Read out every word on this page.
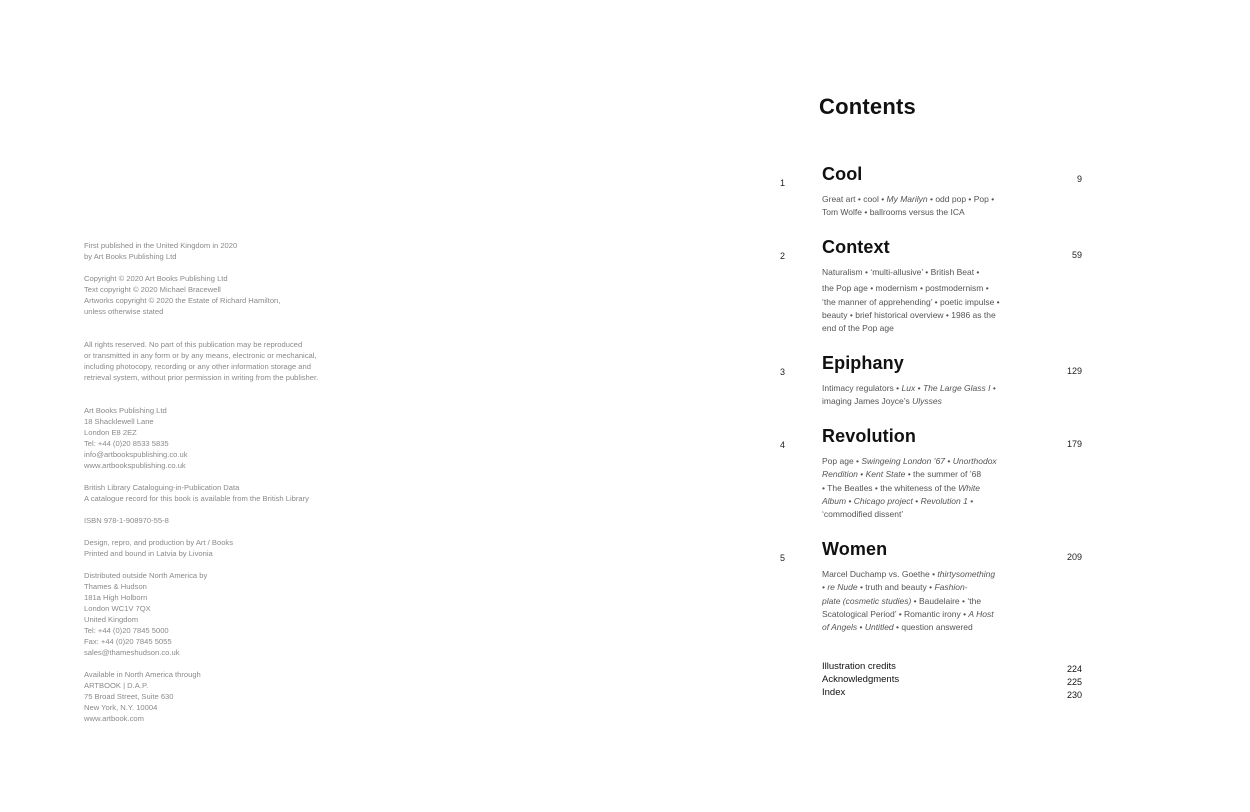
First published in the United Kingdom in 2020
by Art Books Publishing Ltd
Copyright © 2020 Art Books Publishing Ltd
Text copyright © 2020 Michael Bracewell
Artworks copyright © 2020 the Estate of Richard Hamilton,
unless otherwise stated
All rights reserved. No part of this publication may be reproduced
or transmitted in any form or by any means, electronic or mechanical,
including photocopy, recording or any other information storage and
retrieval system, without prior permission in writing from the publisher.
Art Books Publishing Ltd
18 Shacklewell Lane
London E8 2EZ
Tel: +44 (0)20 8533 5835
info@artbookspublishing.co.uk
www.artbookspublishing.co.uk
British Library Cataloguing-in-Publication Data
A catalogue record for this book is available from the British Library
ISBN 978-1-908970-55-8
Design, repro, and production by Art / Books
Printed and bound in Latvia by Livonia
Distributed outside North America by
Thames & Hudson
181a High Holborn
London WC1V 7QX
United Kingdom
Tel: +44 (0)20 7845 5000
Fax: +44 (0)20 7845 5055
sales@thameshudson.co.uk
Available in North America through
ARTBOOK | D.A.P.
75 Broad Street, Suite 630
New York, N.Y. 10004
www.artbook.com
Contents
1 Cool	9
Great art • cool • My Marilyn • odd pop • Pop •
Tom Wolfe • ballrooms versus the ICA
2 Context	59
Naturalism • ‘multi-allusive’ • British Beat •
the Pop age • modernism • postmodernism •
‘the manner of apprehending’ • poetic impulse •
beauty • brief historical overview • 1986 as the
end of the Pop age
3 Epiphany	129
Intimacy regulators • Lux • The Large Glass I •
imaging James Joyce’s Ulysses
4 Revolution	179
Pop age • Swingeing London ’67 • Unorthodox
Rendition • Kent State • the summer of ’68
• The Beatles • the whiteness of the White
Album • Chicago project • Revolution 1 •
‘commodified dissent’
5 Women	209
Marcel Duchamp vs. Goethe • thirtysomething
• re Nude • truth and beauty • Fashion-
plate (cosmetic studies) • Baudelaire • ‘the
Scatological Period’ • Romantic irony • A Host
of Angels • Untitled • question answered
Illustration credits	224
Acknowledgments	225
Index	230
